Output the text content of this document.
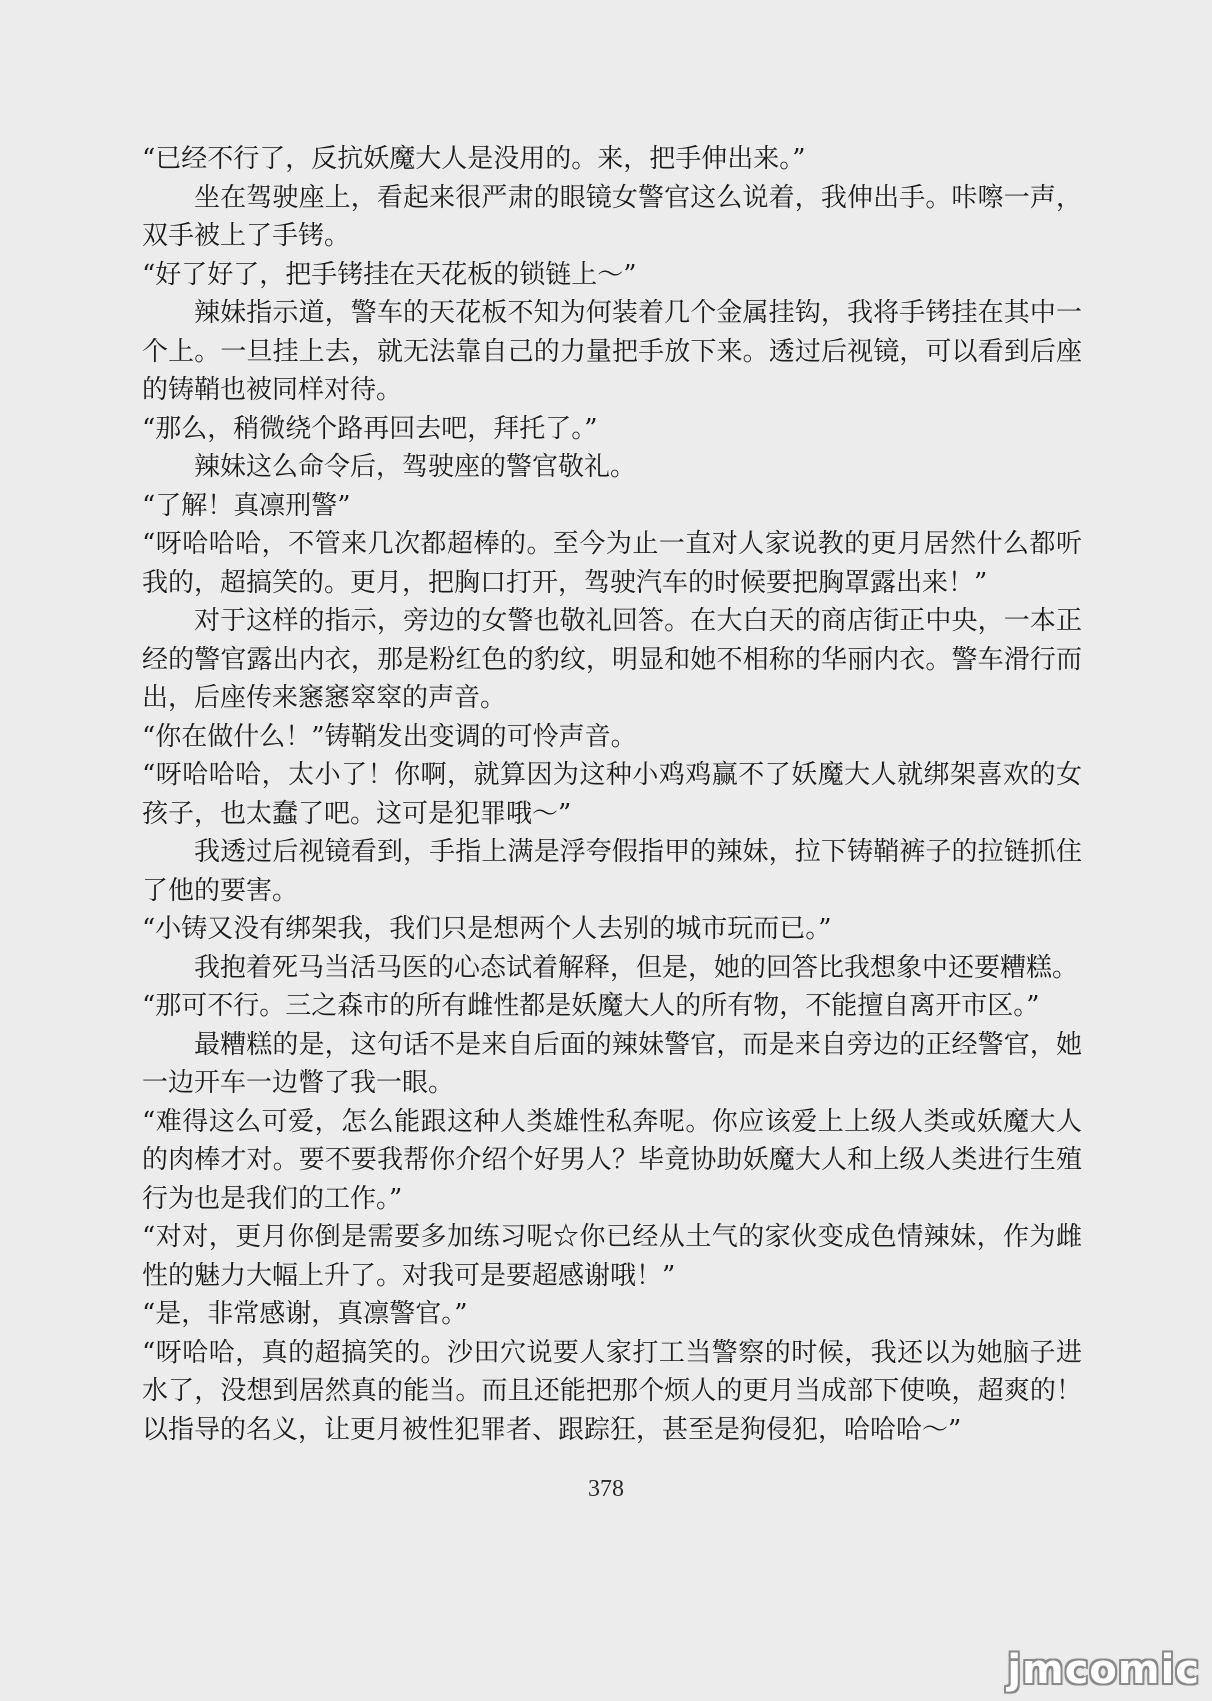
“已经不行了，反抗妖魔大人是没用的。来，把手伸出来。”

坐在驾驶座上，看起来很严肃的眼镜女警官这么说着，我伸出手。咔嚓一声，双手被上了手铐。

“好了好了，把手铐挂在天花板的锁链上～”

辣妹指示道，警车的天花板不知为何装着几个金属挂钩，我将手铐挂在其中一个上。一旦挂上去，就无法靠自己的力量把手放下来。透过后视镜，可以看到后座的铸鞘也被同样对待。

“那么，稍微绕个路再回去吧，拜托了。”

辣妹这么命令后，驾驶座的警官敬礼。

“了解！真凛刑警”

“呀哈哈哈，不管来几次都超棒的。至今为止一直对人家说教的更月居然什么都听我的，超搞笑的。更月，把胸口打开，驾驶汽车的时候要把胸罩露出来！”

对于这样的指示，旁边的女警也敬礼回答。在大白天的商店街正中央，一本正经的警官露出内衣，那是粉红色的豹纹，明显和她不相称的华丽内衣。警车滑行而出，后座传来窸窸窣窣的声音。

“你在做什么！”铸鞘发出变调的可怜声音。

“呀哈哈哈，太小了！你啊，就算因为这种小鸡鸡赢不了妖魔大人就绑架喜欢的女孩子，也太蠢了吧。这可是犯罪哦～”

我透过后视镜看到，手指上满是浮夸假指甲的辣妹，拉下铸鞘裤子的拉链抓住了他的要害。

“小铸又没有绑架我，我们只是想两个人去别的城市玩而已。”

我抱着死马当活马医的心态试着解释，但是，她的回答比我想象中还要糟糕。

“那可不行。三之森市的所有雌性都是妖魔大人的所有物，不能擅自离开市区。”

最糟糕的是，这句话不是来自后面的辣妹警官，而是来自旁边的正经警官，她一边开车一边瞥了我一眼。

“难得这么可爱，怎么能跟这种人类雄性私奔呢。你应该爱上上级人类或妖魔大人的肉棒才对。要不要我帮你介绍个好男人？毕竟协助妖魔大人和上级人类进行生殖行为也是我们的工作。”

“对对，更月你倒是需要多加练习呢☆你已经从土气的家伙变成色情辣妹，作为雌性的魅力大幅上升了。对我可是要超感谢哦！”

“是，非常感谢，真凛警官。”

“呀哈哈，真的超搞笑的。沙田穴说要人家打工当警察的时候，我还以为她脑子进水了，没想到居然真的能当。而且还能把那个烦人的更月当成部下使唤，超爽的！以指导的名义，让更月被性犯罪者、跟踪狂，甚至是狗侵犯，哈哈哈～”

378
jmcomic
